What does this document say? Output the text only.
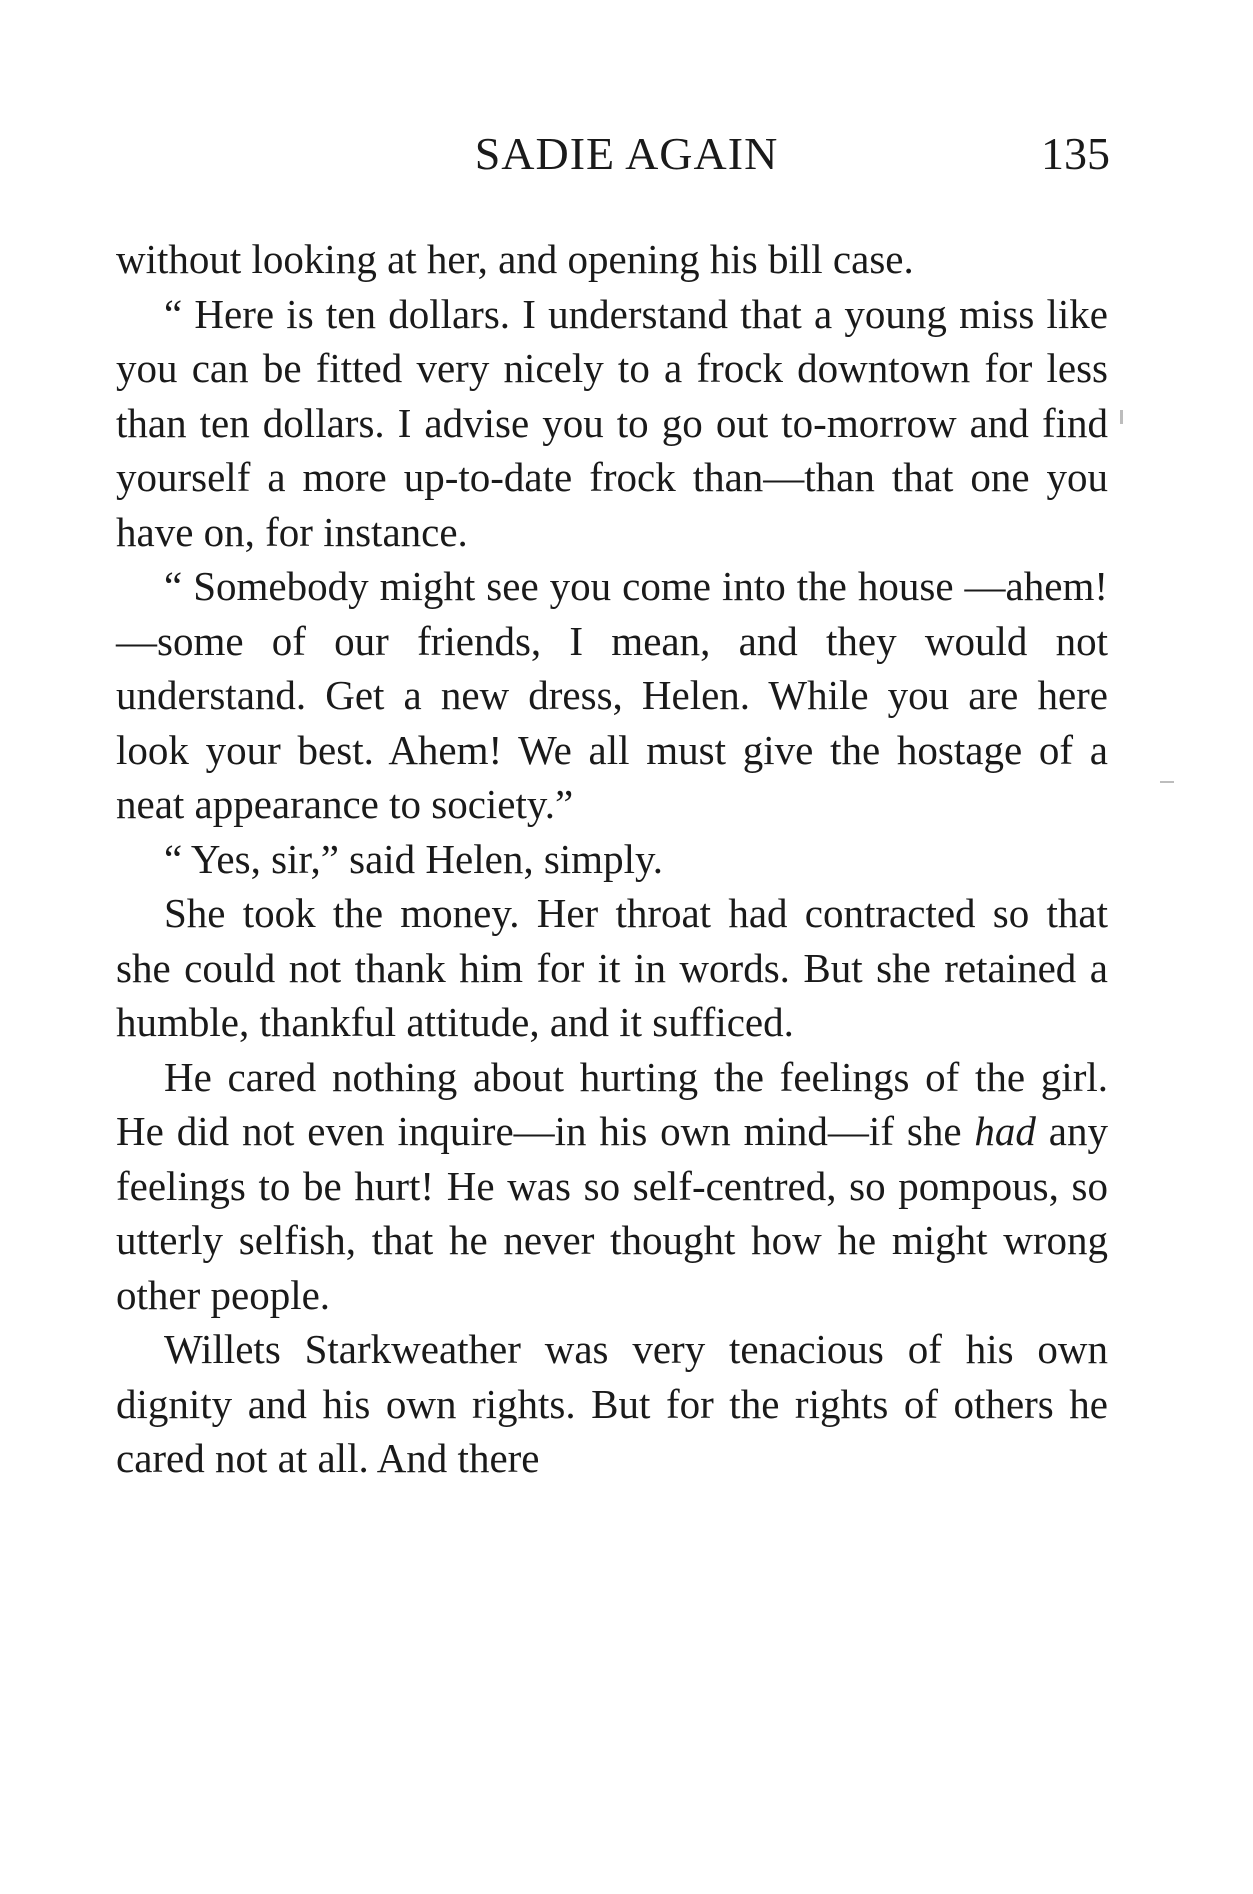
SADIE AGAIN	135

without looking at her, and opening his bill case.

“ Here is ten dollars. I understand that a young miss like you can be fitted very nicely to a frock downtown for less than ten dollars. I advise you to go out to-morrow and find yourself a more up-to-date frock than—than that one you have on, for instance.

“ Somebody might see you come into the house —ahem!—some of our friends, I mean, and they would not understand. Get a new dress, Helen. While you are here look your best. Ahem! We all must give the hostage of a neat appearance to society.”

“ Yes, sir,” said Helen, simply.

She took the money. Her throat had contracted so that she could not thank him for it in words. But she retained a humble, thankful attitude, and it sufficed.

He cared nothing about hurting the feelings of the girl. He did not even inquire—in his own mind—if she had any feelings to be hurt! He was so self-centred, so pompous, so utterly selfish, that he never thought how he might wrong other people.

Willets Starkweather was very tenacious of his own dignity and his own rights. But for the rights of others he cared not at all. And there
